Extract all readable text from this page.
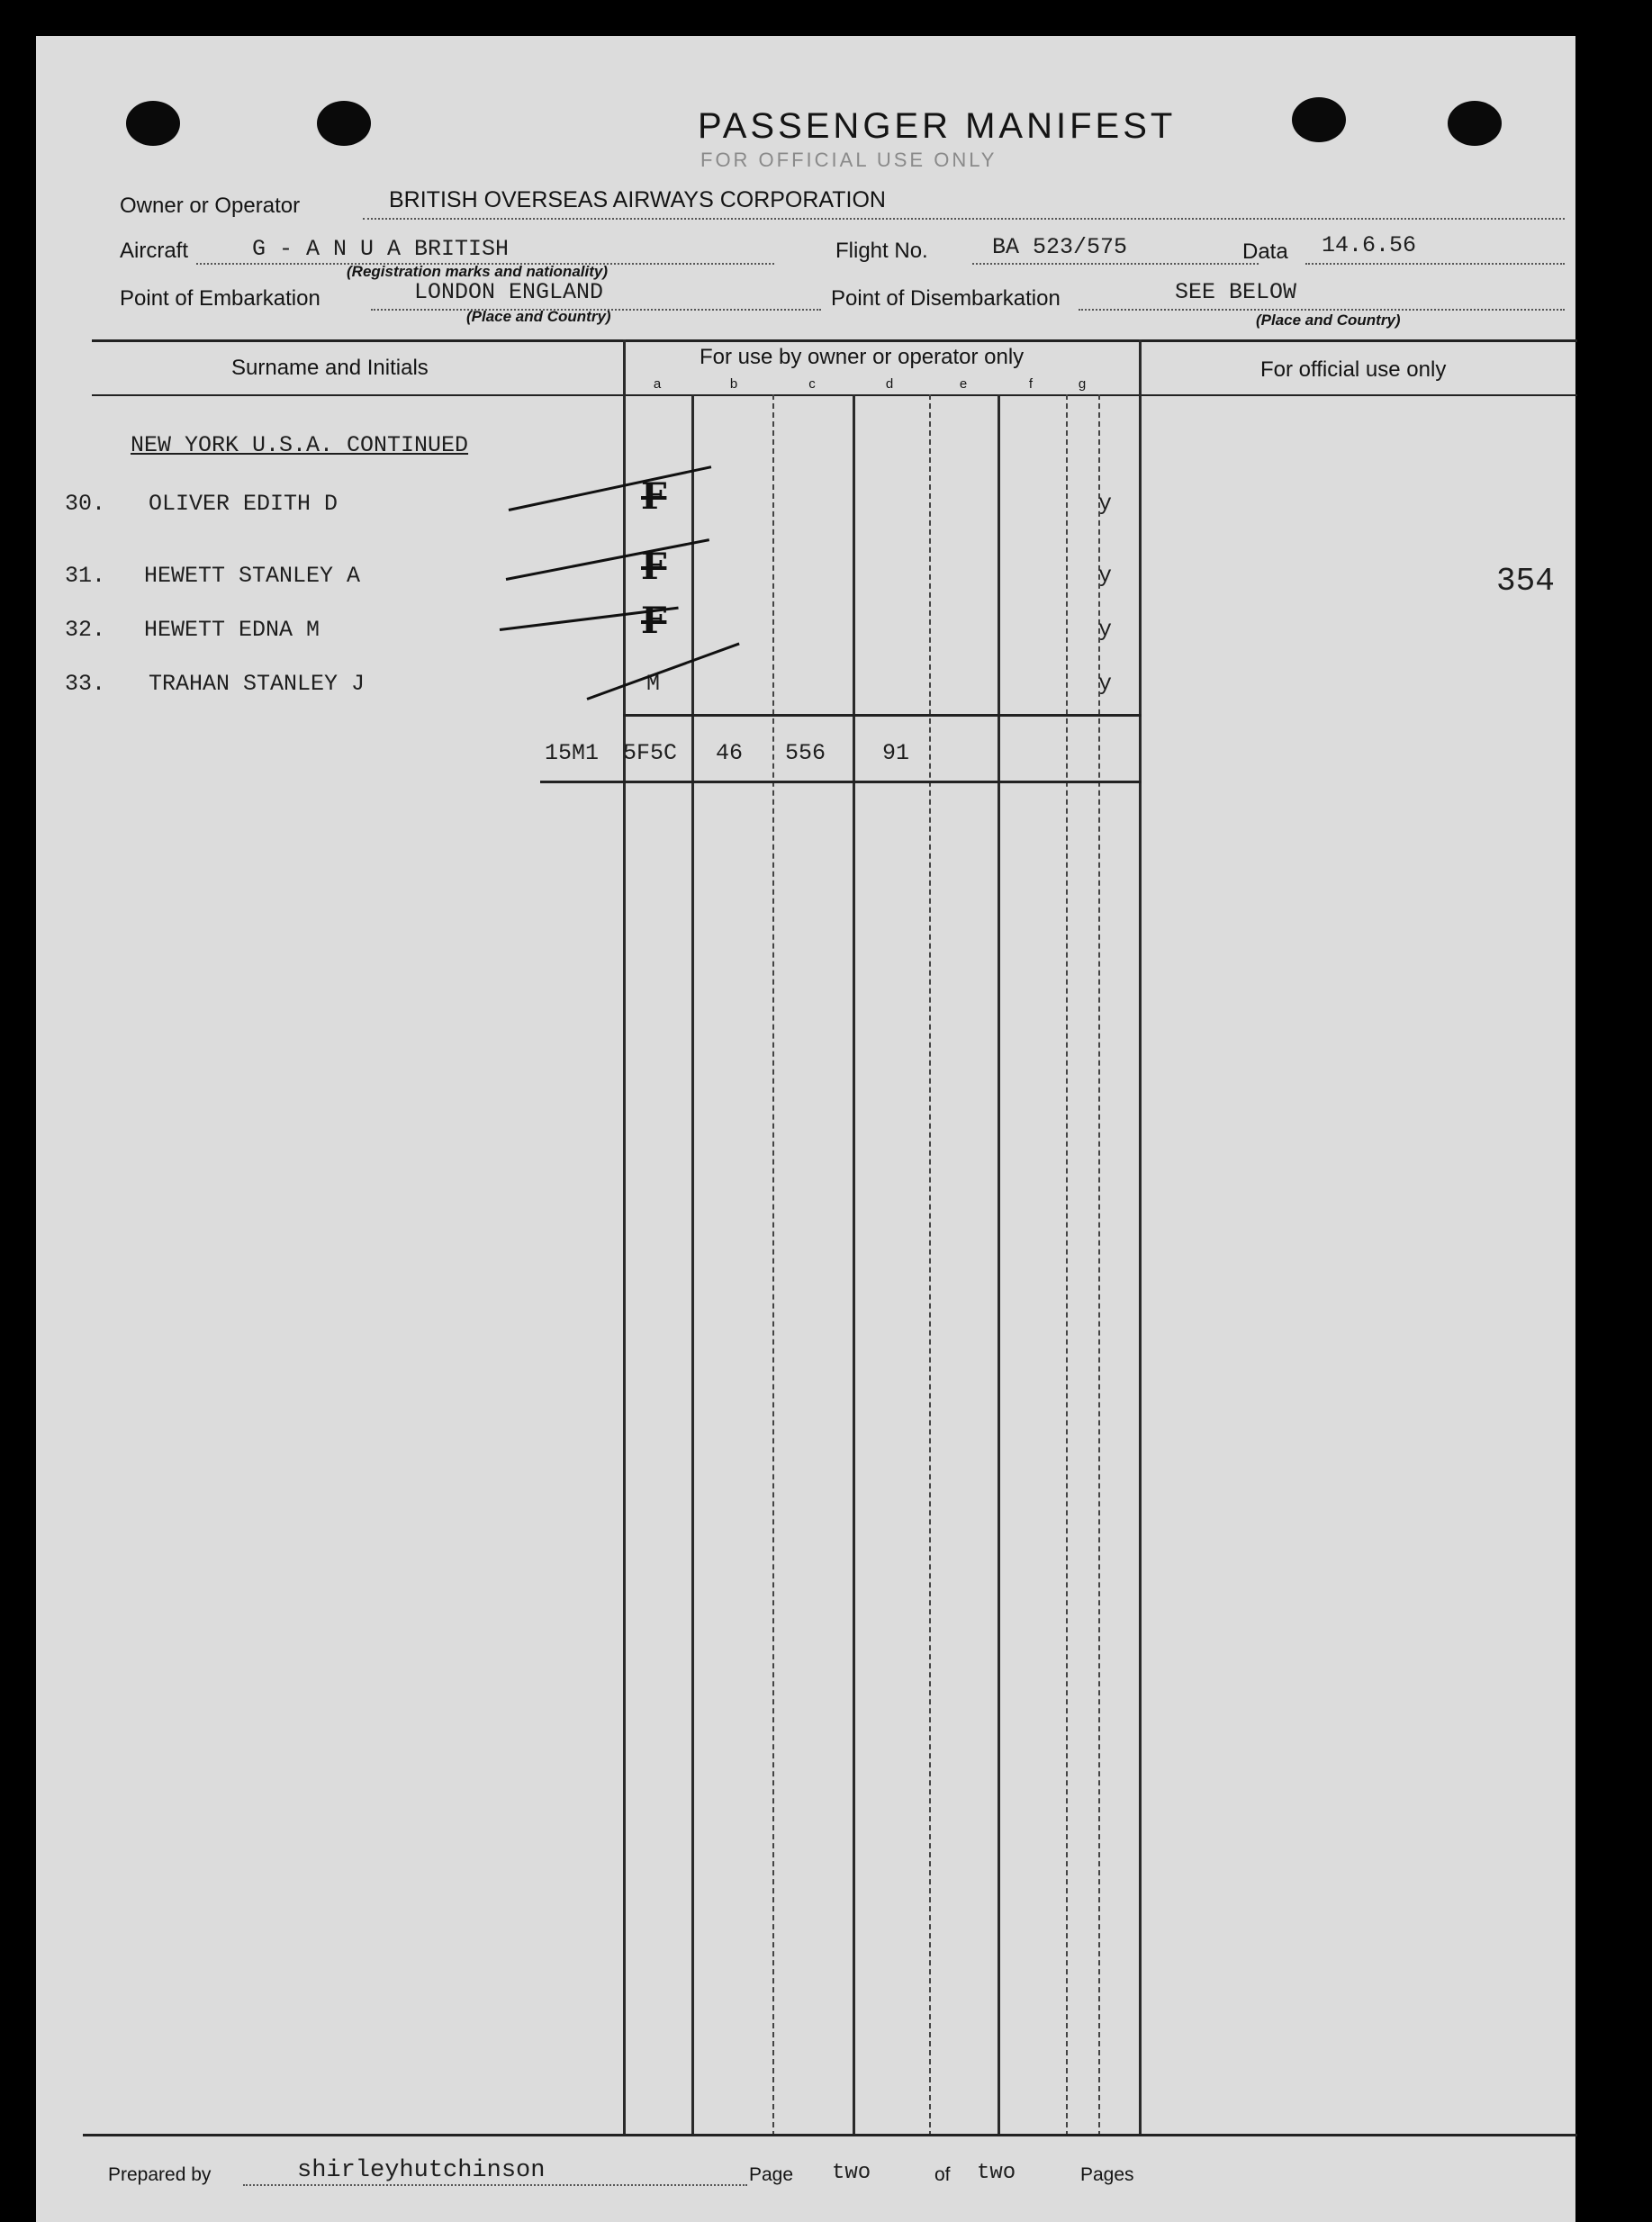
PASSENGER MANIFEST
FOR OFFICIAL USE ONLY
Owner or Operator	BRITISH OVERSEAS AIRWAYS CORPORATION
Aircraft	G - A N U A BRITISH
(Registration marks and nationality)
Flight No.	BA 523/575	Data 14.6.56
Point of Embarkation	LONDON ENGLAND
(Place and Country)
Point of Disembarkation	SEE BELOW
(Place and Country)
Surname and Initials	For use by owner or operator only
For official use only
a	b	c	d	e	f	g
NEW YORK U.S.A. CONTINUED
30. OLIVER EDITH D	F	y
31. HEWETT STANLEY A	F	y
32. HEWETT EDNA M	F	y
33. TRAHAN STANLEY J	M	y
15M1 5F5C 46 556	91
354
Prepared by	shirleyhutchinson	Page two	of two	Pages
